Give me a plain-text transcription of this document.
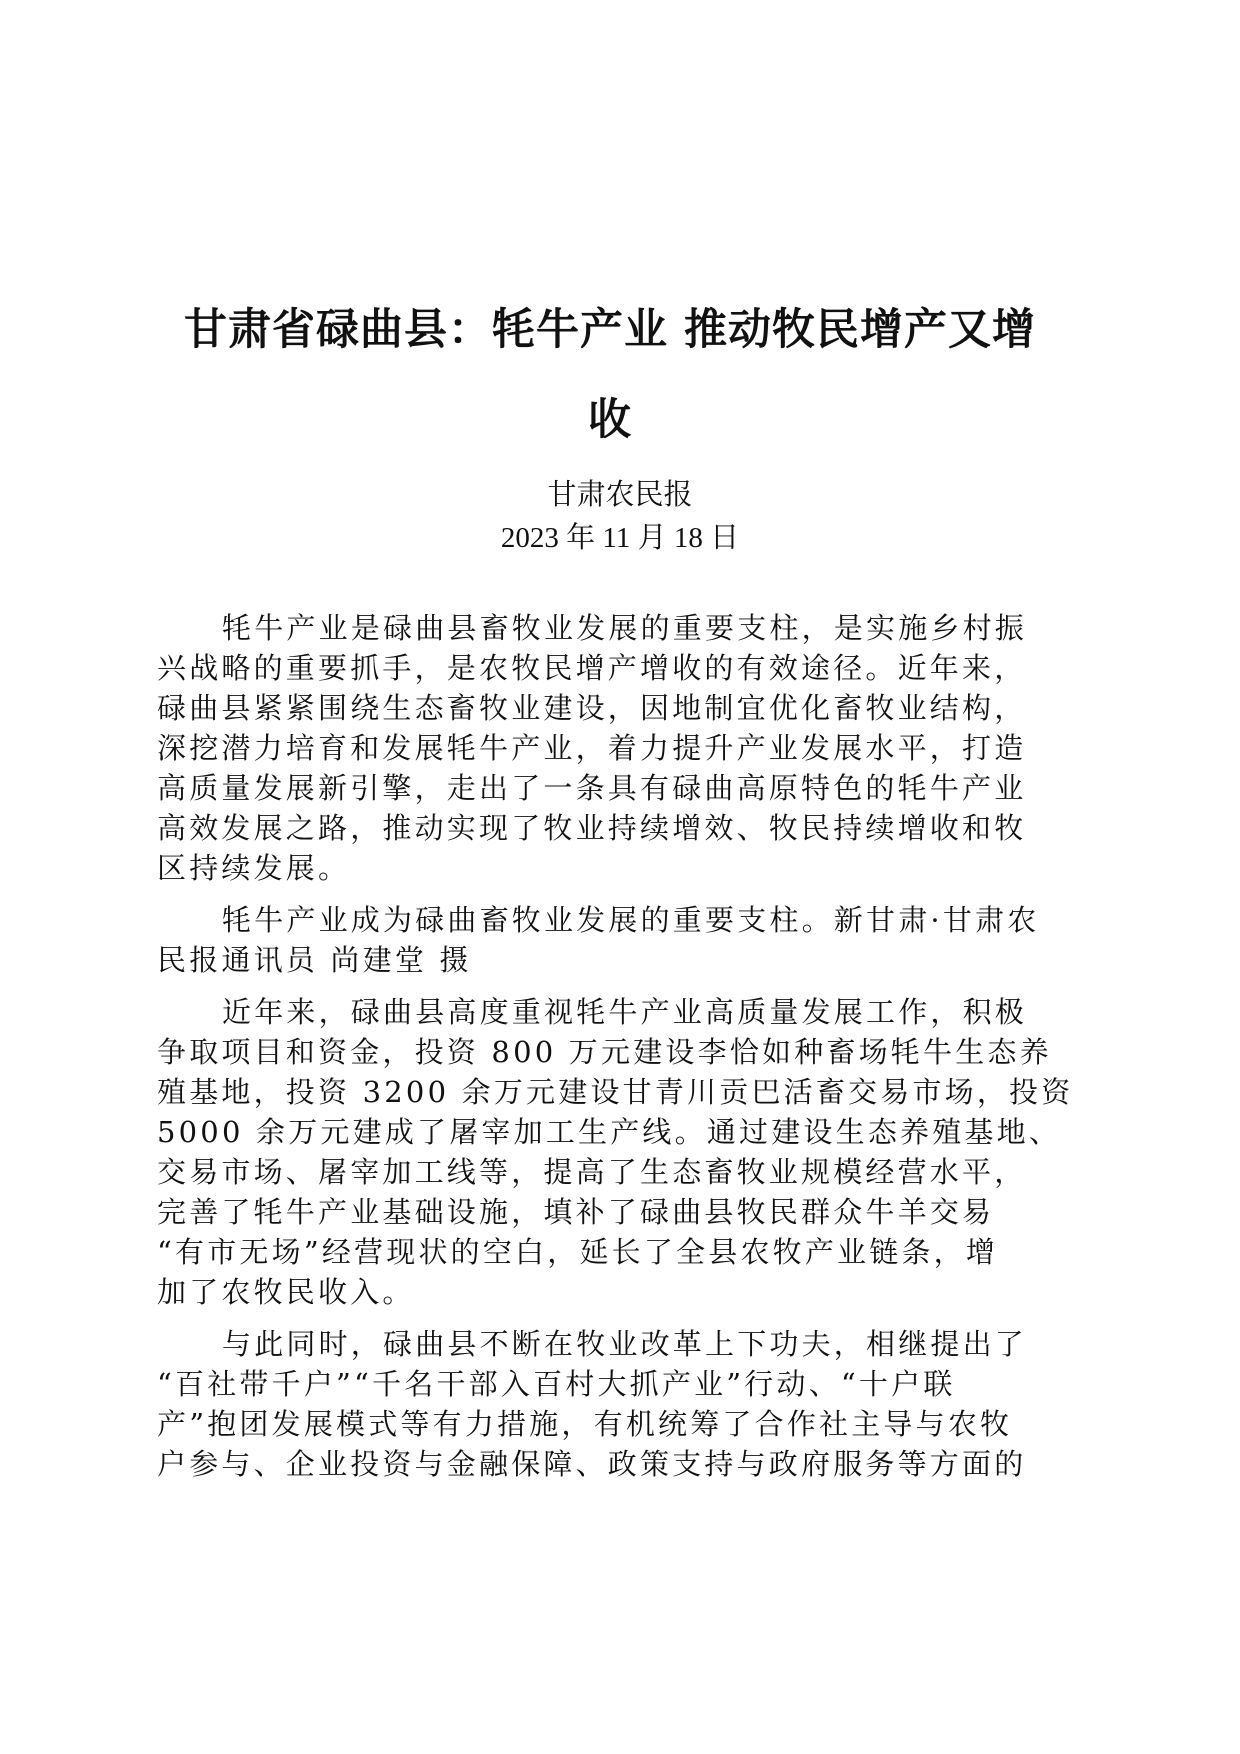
甘肃省碌曲县：牦牛产业 推动牧民增产又增
收
甘肃农民报
2023 年 11 月 18 日
牦牛产业是碌曲县畜牧业发展的重要支柱，是实施乡村振
兴战略的重要抓手，是农牧民增产增收的有效途径。近年来，
碌曲县紧紧围绕生态畜牧业建设，因地制宜优化畜牧业结构，
深挖潜力培育和发展牦牛产业，着力提升产业发展水平，打造
高质量发展新引擎，走出了一条具有碌曲高原特色的牦牛产业
高效发展之路，推动实现了牧业持续增效、牧民持续增收和牧
区持续发展。
牦牛产业成为碌曲畜牧业发展的重要支柱。新甘肃·甘肃农
民报通讯员 尚建堂 摄
近年来，碌曲县高度重视牦牛产业高质量发展工作，积极
争取项目和资金，投资 800 万元建设李恰如种畜场牦牛生态养
殖基地，投资 3200 余万元建设甘青川贡巴活畜交易市场，投资
5000 余万元建成了屠宰加工生产线。通过建设生态养殖基地、
交易市场、屠宰加工线等，提高了生态畜牧业规模经营水平，
完善了牦牛产业基础设施，填补了碌曲县牧民群众牛羊交易
“有市无场”经营现状的空白，延长了全县农牧产业链条，增
加了农牧民收入。
与此同时，碌曲县不断在牧业改革上下功夫，相继提出了
“百社带千户”“千名干部入百村大抓产业”行动、“十户联
产”抱团发展模式等有力措施，有机统筹了合作社主导与农牧
户参与、企业投资与金融保障、政策支持与政府服务等方面的
